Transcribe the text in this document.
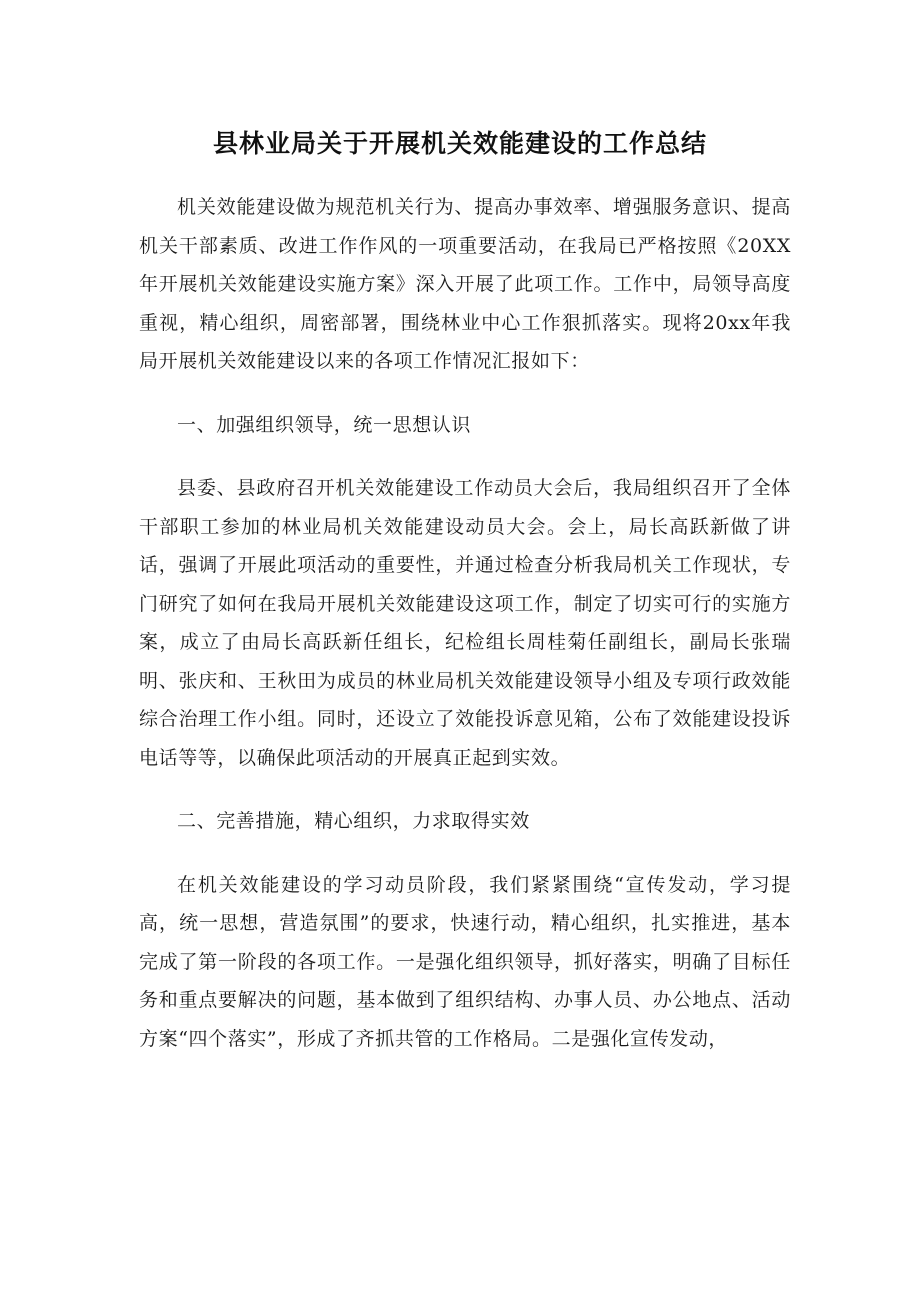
县林业局关于开展机关效能建设的工作总结

机关效能建设做为规范机关行为、提高办事效率、增强服务意识、提高机关干部素质、改进工作作风的一项重要活动，在我局已严格按照《20XX年开展机关效能建设实施方案》深入开展了此项工作。工作中，局领导高度重视，精心组织，周密部署，围绕林业中心工作狠抓落实。现将20xx年我局开展机关效能建设以来的各项工作情况汇报如下：

一、加强组织领导，统一思想认识

县委、县政府召开机关效能建设工作动员大会后，我局组织召开了全体干部职工参加的林业局机关效能建设动员大会。会上，局长高跃新做了讲话，强调了开展此项活动的重要性，并通过检查分析我局机关工作现状，专门研究了如何在我局开展机关效能建设这项工作，制定了切实可行的实施方案，成立了由局长高跃新任组长，纪检组长周桂菊任副组长，副局长张瑞明、张庆和、王秋田为成员的林业局机关效能建设领导小组及专项行政效能综合治理工作小组。同时，还设立了效能投诉意见箱，公布了效能建设投诉电话等等，以确保此项活动的开展真正起到实效。

二、完善措施，精心组织，力求取得实效

在机关效能建设的学习动员阶段，我们紧紧围绕“宣传发动，学习提高，统一思想，营造氛围”的要求，快速行动，精心组织，扎实推进，基本完成了第一阶段的各项工作。一是强化组织领导，抓好落实，明确了目标任务和重点要解决的问题，基本做到了组织结构、办事人员、办公地点、活动方案“四个落实”，形成了齐抓共管的工作格局。二是强化宣传发动，
